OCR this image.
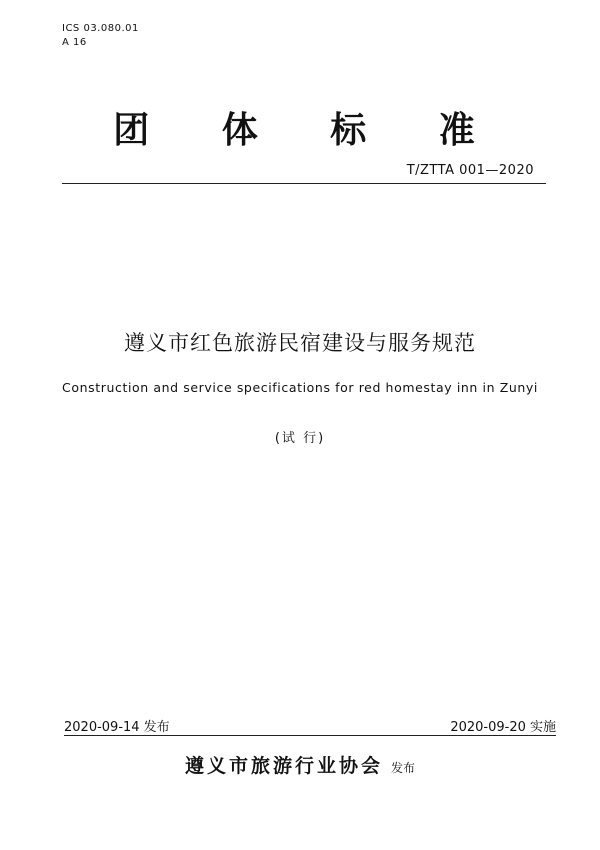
ICS 03.080.01
A 16
团 体 标 准
T/ZTTA 001—2020
遵义市红色旅游民宿建设与服务规范
Construction and service specifications for red homestay inn in Zunyi
(试 行)
2020-09-14 发布	2020-09-20 实施
遵义市旅游行业协会 发布
